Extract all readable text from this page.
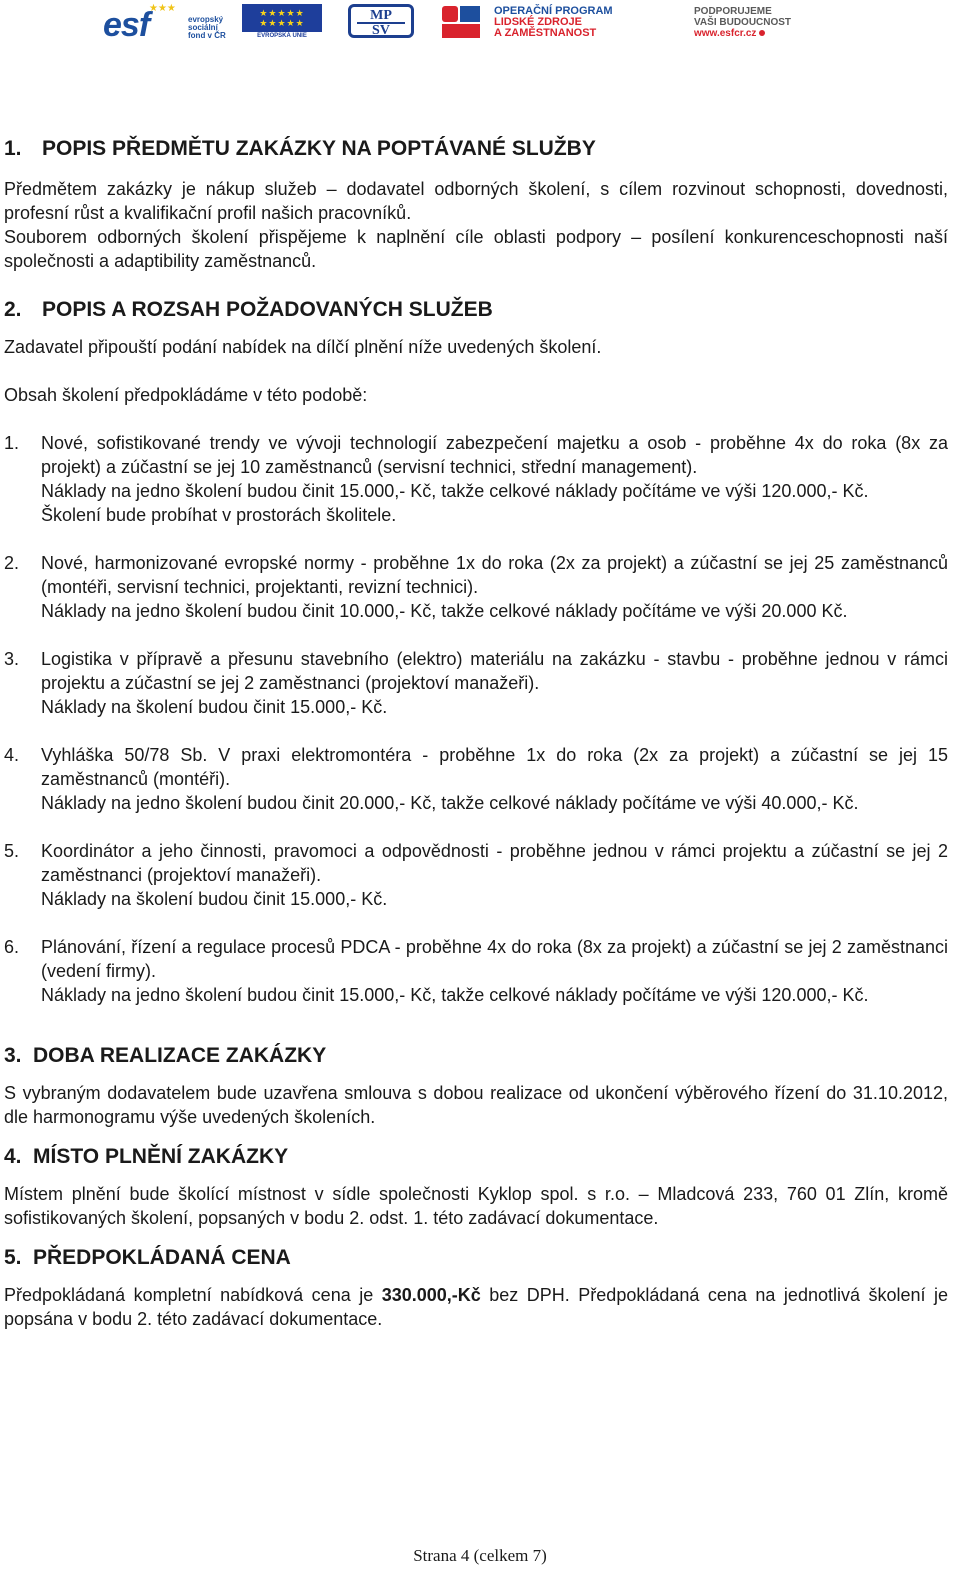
esf ★★★
evropský
sociální
fond v ČR
★★★★★
★★★★★
EVROPSKÁ UNIE
MP
SV
OPERAČNÍ PROGRAM
LIDSKÉ ZDROJE
A ZAMĚSTNANOST
PODPORUJEME
VAŠI BUDOUCNOST
www.esfcr.cz
1. POPIS PŘEDMĚTU ZAKÁZKY NA POPTÁVANÉ SLUŽBY

Předmětem zakázky je nákup služeb – dodavatel odborných školení, s cílem rozvinout schopnosti, dovednosti, profesní růst a kvalifikační profil našich pracovníků.

Souborem odborných školení přispějeme k naplnění cíle oblasti podpory – posílení konkurenceschopnosti naší společnosti a adaptibility zaměstnanců.

2. POPIS A ROZSAH POŽADOVANÝCH SLUŽEB

Zadavatel připouští podání nabídek na dílčí plnění níže uvedených školení.

Obsah školení předpokládáme v této podobě:

1.	Nové, sofistikované trendy ve vývoji technologií zabezpečení majetku a osob - proběhne 4x do roka (8x za projekt) a zúčastní se jej 10 zaměstnanců (servisní technici, střední management).

Náklady na jedno školení budou činit 15.000,- Kč, takže celkové náklady počítáme ve výši 120.000,- Kč.

Školení bude probíhat v prostorách školitele.

2.	Nové, harmonizované evropské normy - proběhne 1x do roka (2x za projekt) a zúčastní se jej 25 zaměstnanců (montéři, servisní technici, projektanti, revizní technici).

Náklady na jedno školení budou činit 10.000,- Kč, takže celkové náklady počítáme ve výši 20.000 Kč.

3.	Logistika v přípravě a přesunu stavebního (elektro) materiálu na zakázku - stavbu - proběhne jednou v rámci projektu a zúčastní se jej 2 zaměstnanci (projektoví manažeři).

Náklady na školení budou činit 15.000,- Kč.

4.	Vyhláška 50/78 Sb. V praxi elektromontéra - proběhne 1x do roka (2x za projekt) a zúčastní se jej 15 zaměstnanců (montéři).

Náklady na jedno školení budou činit 20.000,- Kč, takže celkové náklady počítáme ve výši 40.000,- Kč.

5.	Koordinátor a jeho činnosti, pravomoci a odpovědnosti - proběhne jednou v rámci projektu a zúčastní se jej 2 zaměstnanci (projektoví manažeři).

Náklady na školení budou činit 15.000,- Kč.

6.	Plánování, řízení a regulace procesů PDCA - proběhne 4x do roka (8x za projekt) a zúčastní se jej 2 zaměstnanci (vedení firmy).

Náklady na jedno školení budou činit 15.000,- Kč, takže celkové náklady počítáme ve výši 120.000,- Kč.

3. DOBA REALIZACE ZAKÁZKY

S vybraným dodavatelem bude uzavřena smlouva s dobou realizace od ukončení výběrového řízení do 31.10.2012, dle harmonogramu výše uvedených školeních.

4. MÍSTO PLNĚNÍ ZAKÁZKY

Místem plnění bude školící místnost v sídle společnosti Kyklop spol. s r.o. – Mladcová 233, 760 01 Zlín, kromě sofistikovaných školení, popsaných v bodu 2. odst. 1. této zadávací dokumentace.

5. PŘEDPOKLÁDANÁ CENA

Předpokládaná kompletní nabídková cena je 330.000,-Kč bez DPH. Předpokládaná cena na jednotlivá školení je popsána v bodu 2. této zadávací dokumentace.

Strana 4 (celkem 7)
